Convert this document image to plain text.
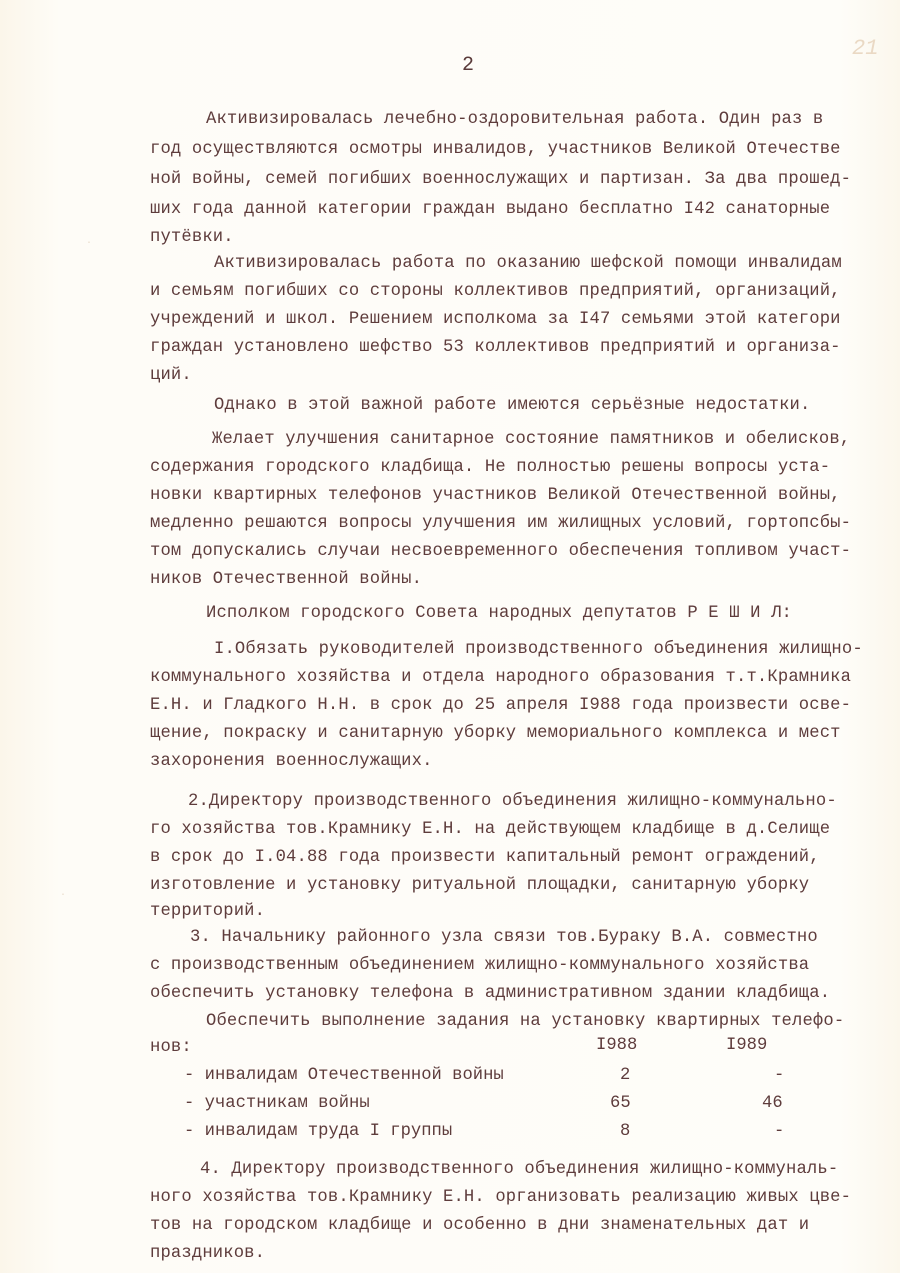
2
21
·
·
Активизировалась лечебно-оздоровительная работа. Один раз в
год осуществляются осмотры инвалидов, участников Великой Отечестве
ной войны, семей погибших военнослужащих и партизан. За два прошед-
ших года данной категории граждан выдано бесплатно I42 санаторные
путёвки.
Активизировалась работа по оказанию шефской помощи инвалидам
и семьям погибших со стороны коллективов предприятий, организаций,
учреждений и школ. Решением исполкома за I47 семьями этой категори
граждан установлено шефство 53 коллективов предприятий и организа-
ций.
Однако в этой важной работе имеются серьёзные недостатки.
Желает улучшения санитарное состояние памятников и обелисков,
содержания городского кладбища. Не полностью решены вопросы уста-
новки квартирных телефонов участников Великой Отечественной войны,
медленно решаются вопросы улучшения им жилищных условий, гортопсбы-
том допускались случаи несвоевременного обеспечения топливом участ-
ников Отечественной войны.
Исполком городского Совета народных депутатов Р Е Ш И Л:
I.Обязать руководителей производственного объединения жилищно-
коммунального хозяйства и отдела народного образования т.т.Крамника
Е.Н. и Гладкого Н.Н. в срок до 25 апреля I988 года произвести осве-
щение, покраску и санитарную уборку мемориального комплекса и мест
захоронения военнослужащих.
2.Директору производственного объединения жилищно-коммунально-
го хозяйства тов.Крамнику Е.Н. на действующем кладбище в д.Селище
в срок до I.04.88 года произвести капитальный ремонт ограждений,
изготовление и установку ритуальной площадки, санитарную уборку
территорий.
3. Начальнику районного узла связи тов.Бураку В.А. совместно
с производственным объединением жилищно-коммунального хозяйства
обеспечить установку телефона в административном здании кладбища.
Обеспечить выполнение задания на установку квартирных телефо-
нов:	I988	I989
- инвалидам Отечественной войны	2	-
- участникам войны	65	46
- инвалидам труда I группы	8	-
4. Директору производственного объединения жилищно-коммуналь-
ного хозяйства тов.Крамнику Е.Н. организовать реализацию живых цве-
тов на городском кладбище и особенно в дни знаменательных дат и
праздников.
